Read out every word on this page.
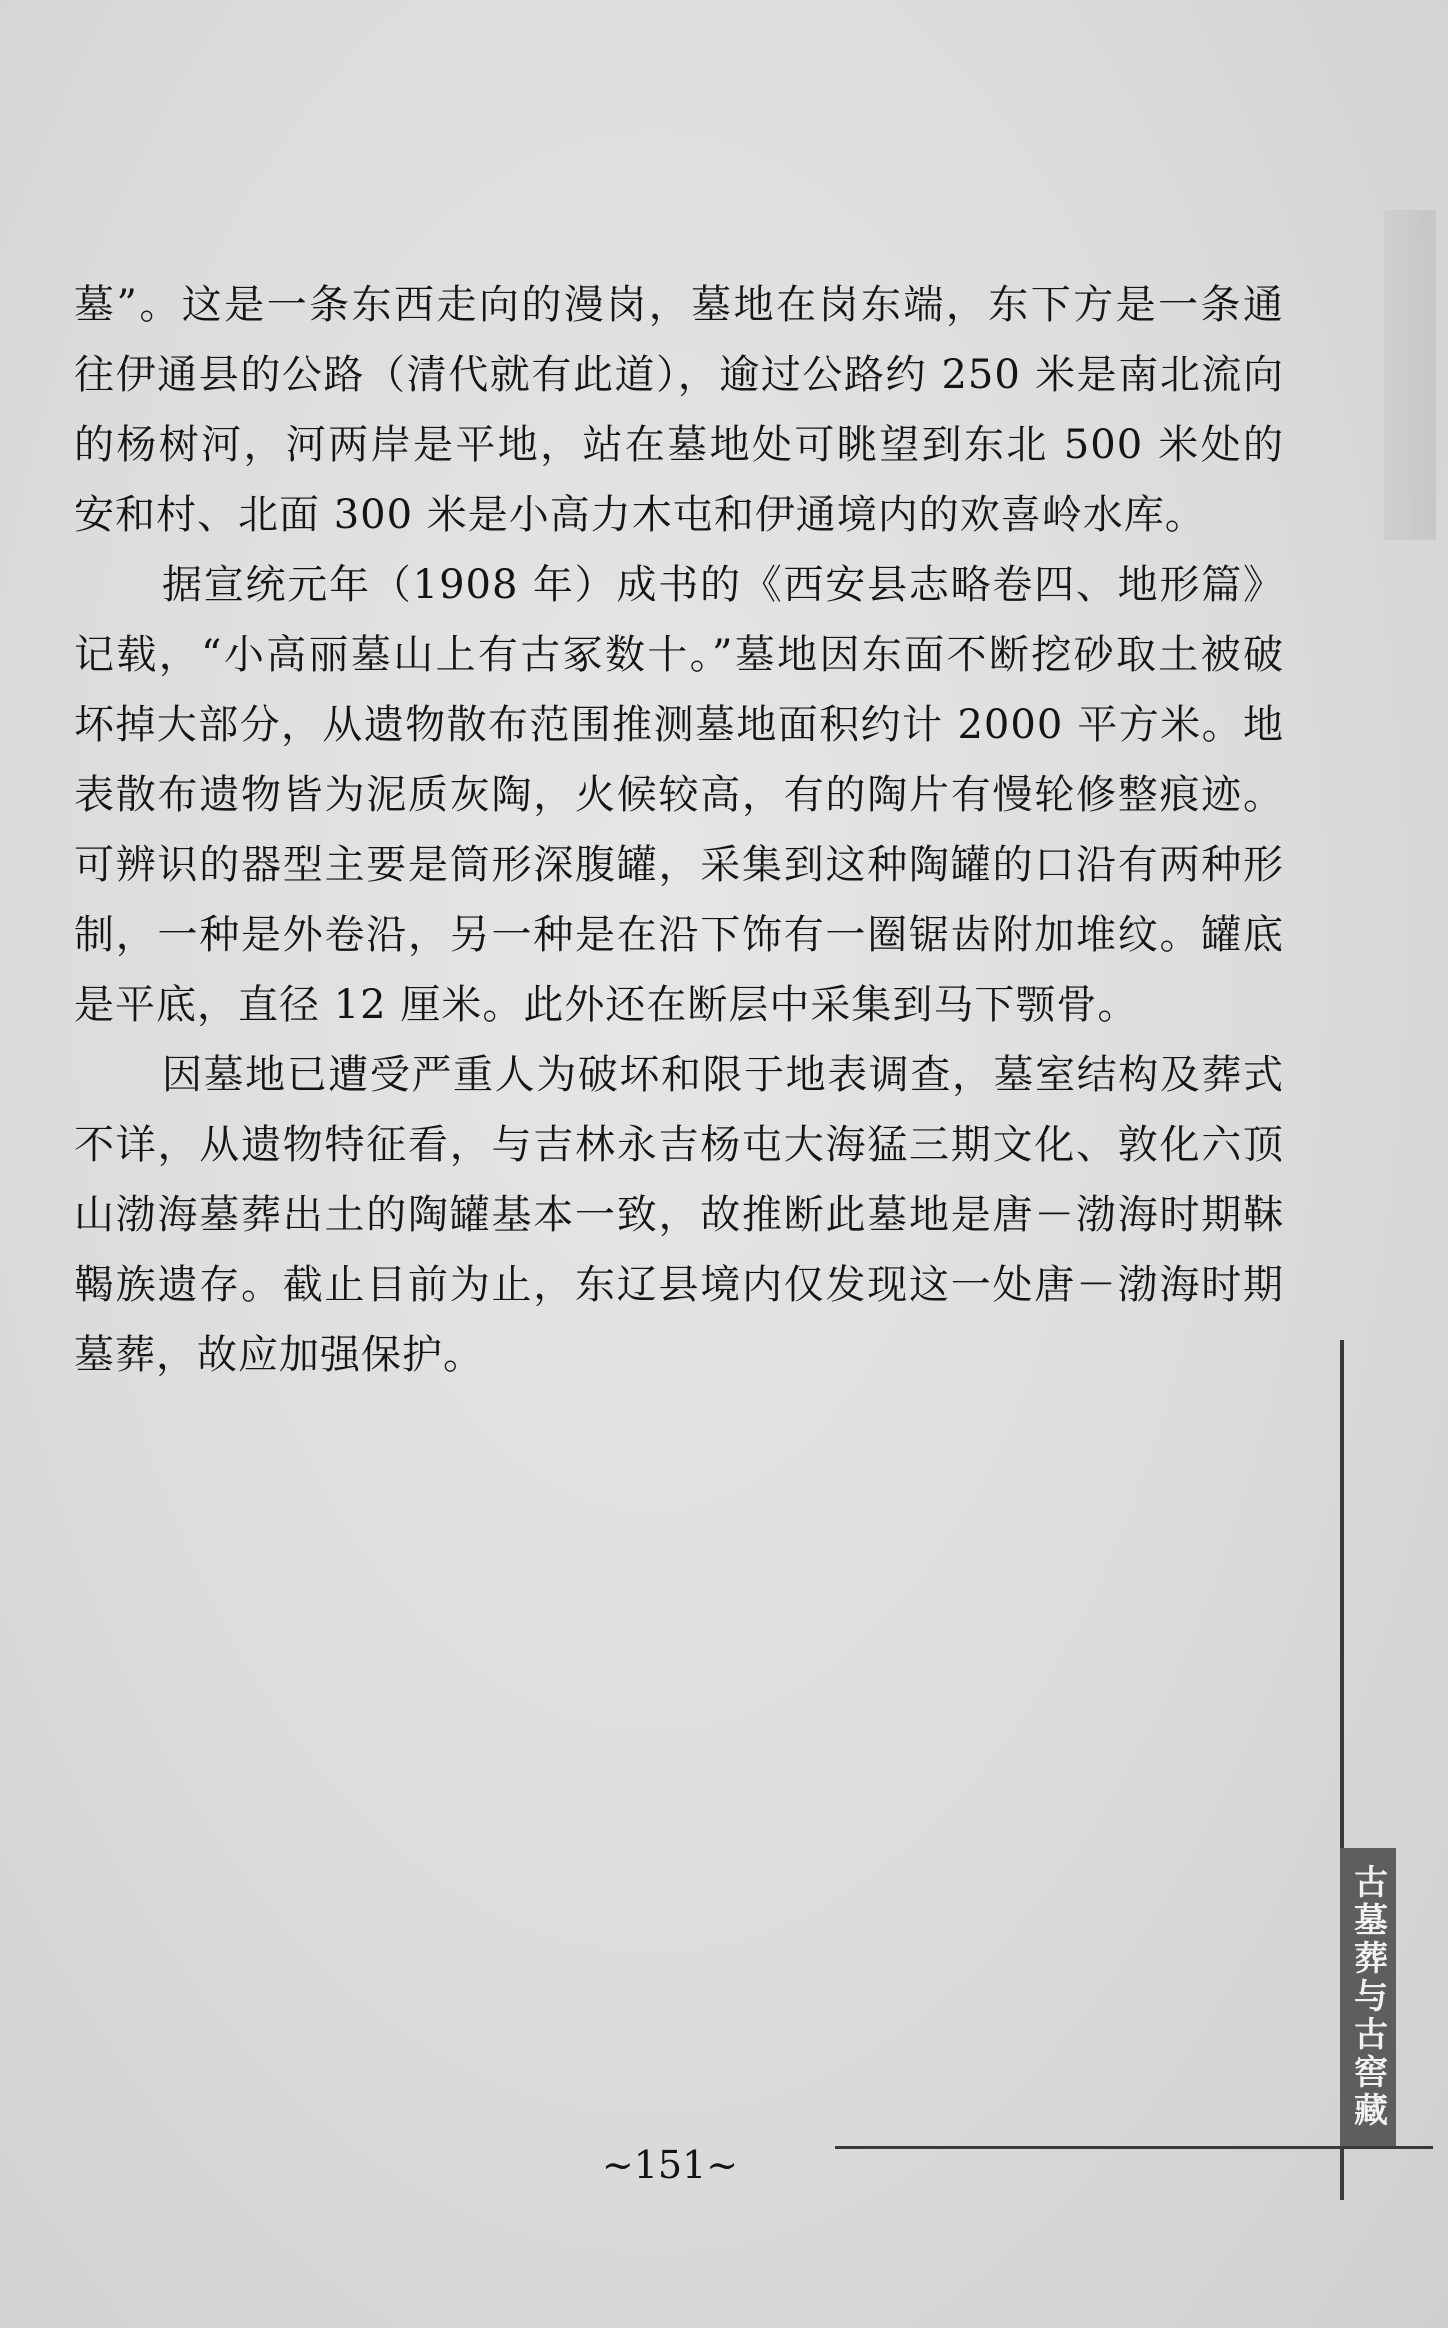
墓”。这是一条东西走向的漫岗，墓地在岗东端，东下方是一条通往伊通县的公路（清代就有此道），逾过公路约 250 米是南北流向的杨树河，河两岸是平地，站在墓地处可眺望到东北 500 米处的安和村、北面 300 米是小高力木屯和伊通境内的欢喜岭水库。

据宣统元年（1908 年）成书的《西安县志略卷四、地形篇》记载，“小高丽墓山上有古冢数十。”墓地因东面不断挖砂取土被破坏掉大部分，从遗物散布范围推测墓地面积约计 2000 平方米。地表散布遗物皆为泥质灰陶，火候较高，有的陶片有慢轮修整痕迹。可辨识的器型主要是筒形深腹罐，采集到这种陶罐的口沿有两种形制，一种是外卷沿，另一种是在沿下饰有一圈锯齿附加堆纹。罐底是平底，直径 12 厘米。此外还在断层中采集到马下颚骨。

因墓地已遭受严重人为破坏和限于地表调查，墓室结构及葬式不详，从遗物特征看，与吉林永吉杨屯大海猛三期文化、敦化六顶山渤海墓葬出土的陶罐基本一致，故推断此墓地是唐－渤海时期靺鞨族遗存。截止目前为止，东辽县境内仅发现这一处唐－渤海时期墓葬，故应加强保护。

古墓葬与古窖藏
~151~
